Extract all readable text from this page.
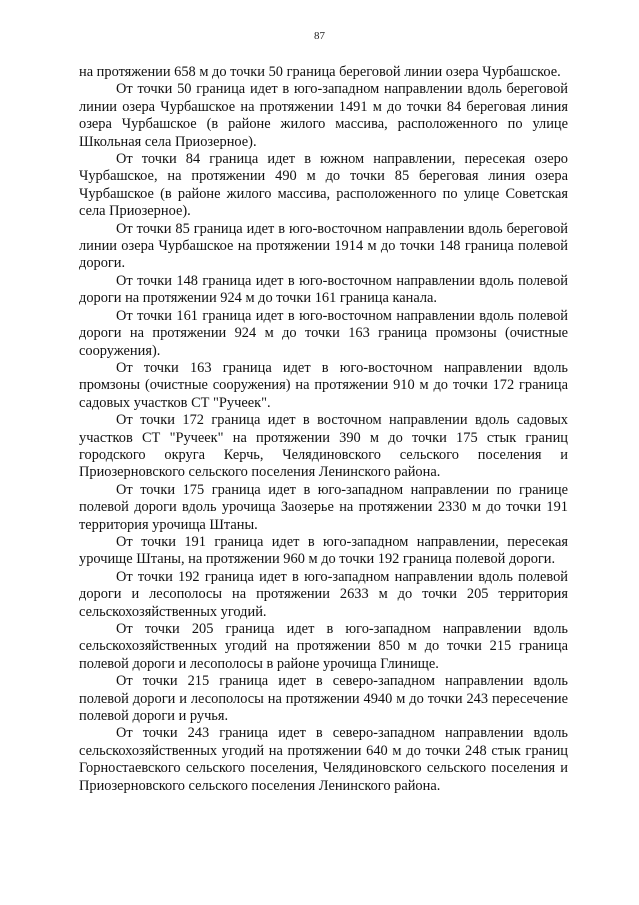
87

на протяжении 658 м до точки 50 граница береговой линии озера Чурбашское.

От точки 50 граница идет в юго-западном направлении вдоль береговой линии озера Чурбашское на протяжении 1491 м до точки 84 береговая линия озера Чурбашское (в районе жилого массива, расположенного по улице Школьная села Приозерное).

От точки 84 граница идет в южном направлении, пересекая озеро Чурбашское, на протяжении 490 м до точки 85 береговая линия озера Чурбашское (в районе жилого массива, расположенного по улице Советская села Приозерное).

От точки 85 граница идет в юго-восточном направлении вдоль береговой линии озера Чурбашское на протяжении 1914 м до точки 148 граница полевой дороги.

От точки 148 граница идет в юго-восточном направлении вдоль полевой дороги на протяжении 924 м до точки 161 граница канала.

От точки 161 граница идет в юго-восточном направлении вдоль полевой дороги на протяжении 924 м до точки 163 граница промзоны (очистные сооружения).

От точки 163 граница идет в юго-восточном направлении вдоль промзоны (очистные сооружения) на протяжении 910 м до точки 172 граница садовых участков СТ "Ручеек".

От точки 172 граница идет в восточном направлении вдоль садовых участков СТ "Ручеек" на протяжении 390 м до точки 175 стык границ городского округа Керчь, Челядиновского сельского поселения и Приозерновского сельского поселения Ленинского района.

От точки 175 граница идет в юго-западном направлении по границе полевой дороги вдоль урочища Заозерье на протяжении 2330 м до точки 191 территория урочища Штаны.

От точки 191 граница идет в юго-западном направлении, пересекая урочище Штаны, на протяжении 960 м до точки 192 граница полевой дороги.

От точки 192 граница идет в юго-западном направлении вдоль полевой дороги и лесополосы на протяжении 2633 м до точки 205 территория сельскохозяйственных угодий.

От точки 205 граница идет в юго-западном направлении вдоль сельскохозяйственных угодий на протяжении 850 м до точки 215 граница полевой дороги и лесополосы в районе урочища Глинище.

От точки 215 граница идет в северо-западном направлении вдоль полевой дороги и лесополосы на протяжении 4940 м до точки 243 пересечение полевой дороги и ручья.

От точки 243 граница идет в северо-западном направлении вдоль сельскохозяйственных угодий на протяжении 640 м до точки 248 стык границ Горностаевского сельского поселения, Челядиновского сельского поселения и Приозерновского сельского поселения Ленинского района.
